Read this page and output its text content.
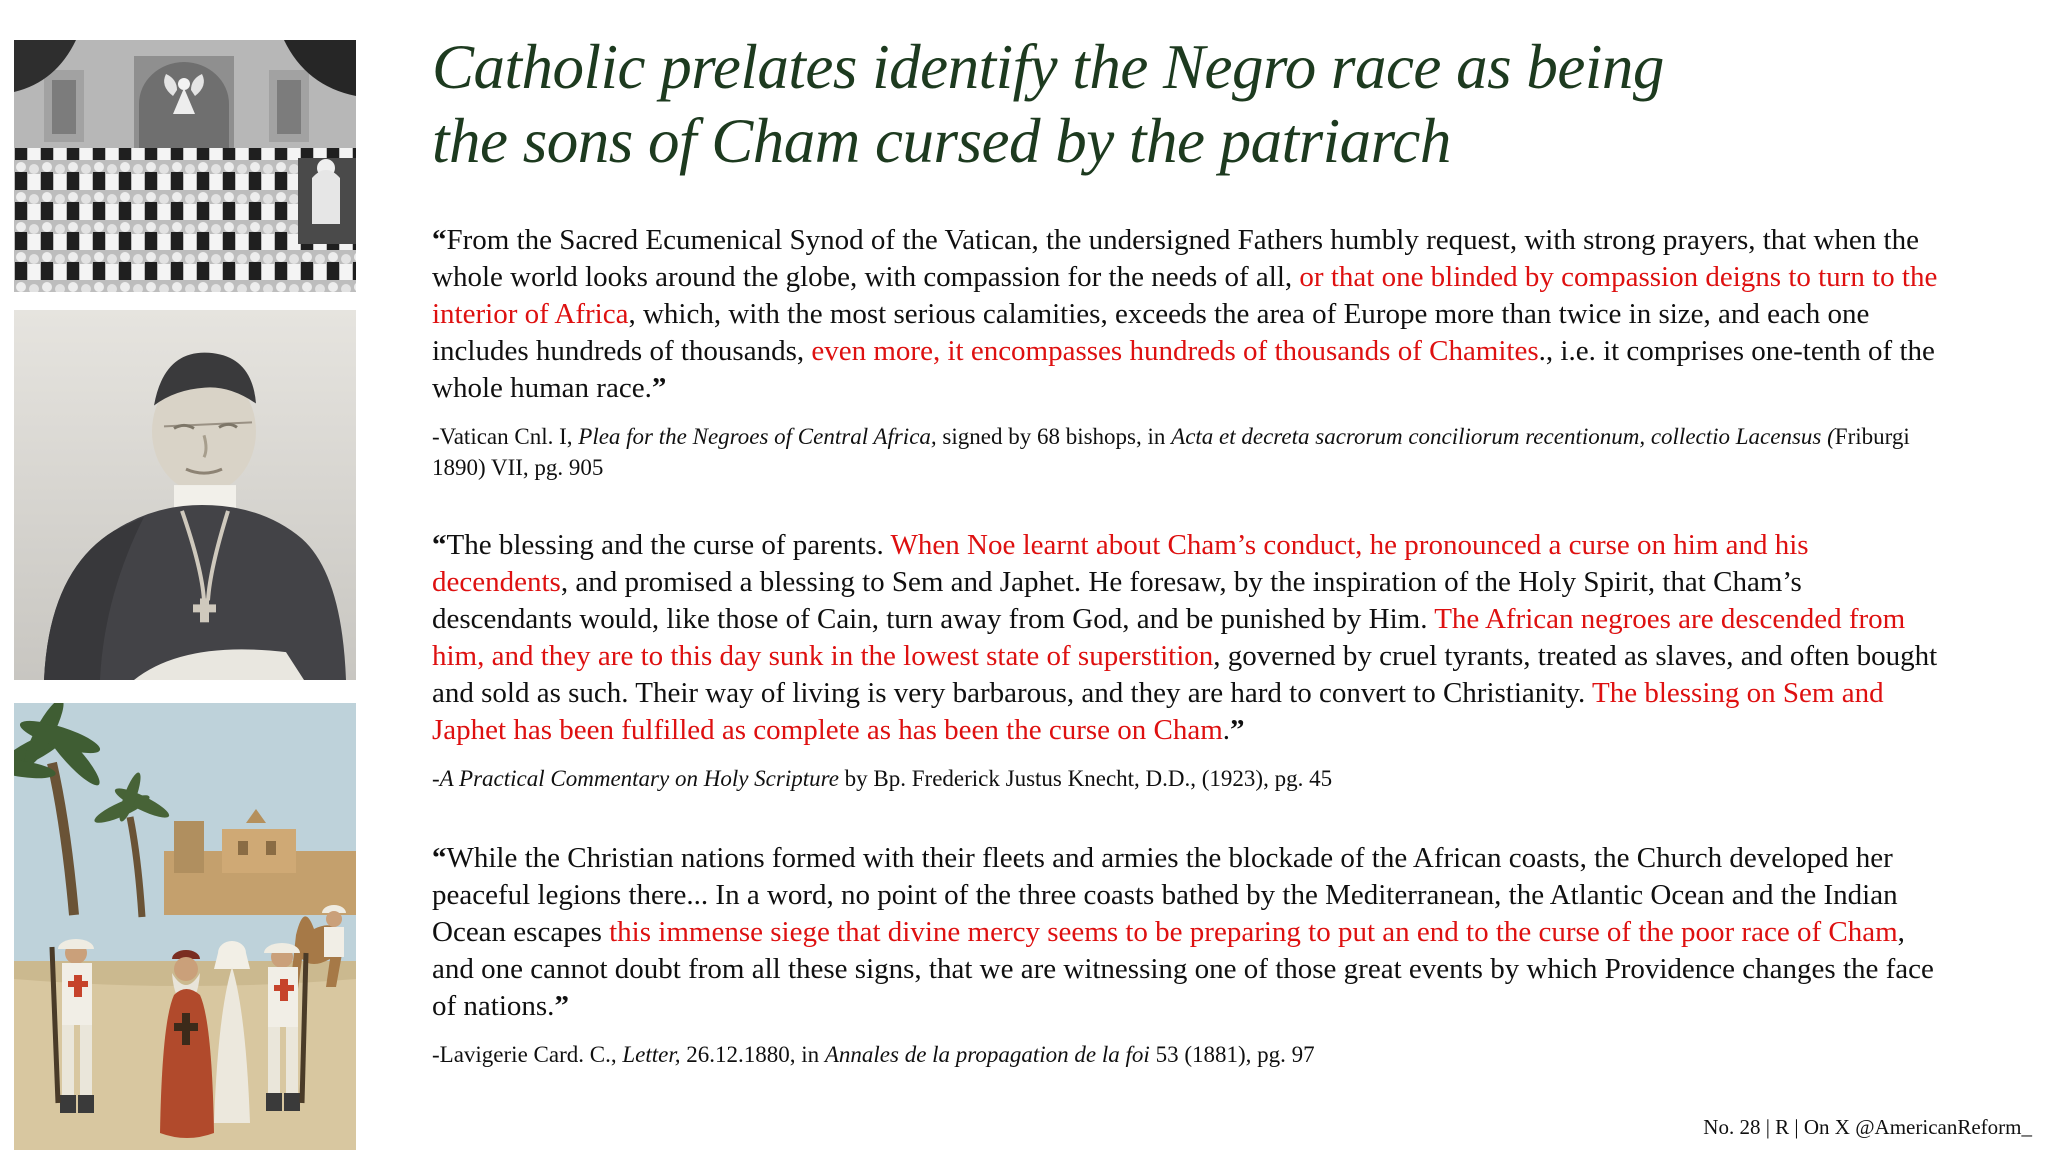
Catholic prelates identify the Negro race as being
the sons of Cham cursed by the patriarch

“From the Sacred Ecumenical Synod of the Vatican, the undersigned Fathers humbly request, with strong prayers, that when the whole world looks around the globe, with compassion for the needs of all, or that one blinded by compassion deigns to turn to the interior of Africa, which, with the most serious calamities, exceeds the area of Europe more than twice in size, and each one includes hundreds of thousands, even more, it encompasses hundreds of thousands of Chamites., i.e. it comprises one-tenth of the whole human race.”

-Vatican Cnl. I, Plea for the Negroes of Central Africa, signed by 68 bishops, in Acta et decreta sacrorum conciliorum recentionum, collectio Lacensus (Friburgi 1890) VII, pg. 905

“The blessing and the curse of parents. When Noe learnt about Cham’s conduct, he pronounced a curse on him and his decendents, and promised a blessing to Sem and Japhet. He foresaw, by the inspiration of the Holy Spirit, that Cham’s descendants would, like those of Cain, turn away from God, and be punished by Him. The African negroes are descended from him, and they are to this day sunk in the lowest state of superstition, governed by cruel tyrants, treated as slaves, and often bought and sold as such. Their way of living is very barbarous, and they are hard to convert to Christianity. The blessing on Sem and Japhet has been fulfilled as complete as has been the curse on Cham.”

-A Practical Commentary on Holy Scripture by Bp. Frederick Justus Knecht, D.D., (1923), pg. 45

“While the Christian nations formed with their fleets and armies the blockade of the African coasts, the Church developed her peaceful legions there... In a word, no point of the three coasts bathed by the Mediterranean, the Atlantic Ocean and the Indian Ocean escapes this immense siege that divine mercy seems to be preparing to put an end to the curse of the poor race of Cham, and one cannot doubt from all these signs, that we are witnessing one of those great events by which Providence changes the face of nations.”

-Lavigerie Card. C., Letter, 26.12.1880, in Annales de la propagation de la foi 53 (1881), pg. 97

No. 28 | R | On X @AmericanReform_
